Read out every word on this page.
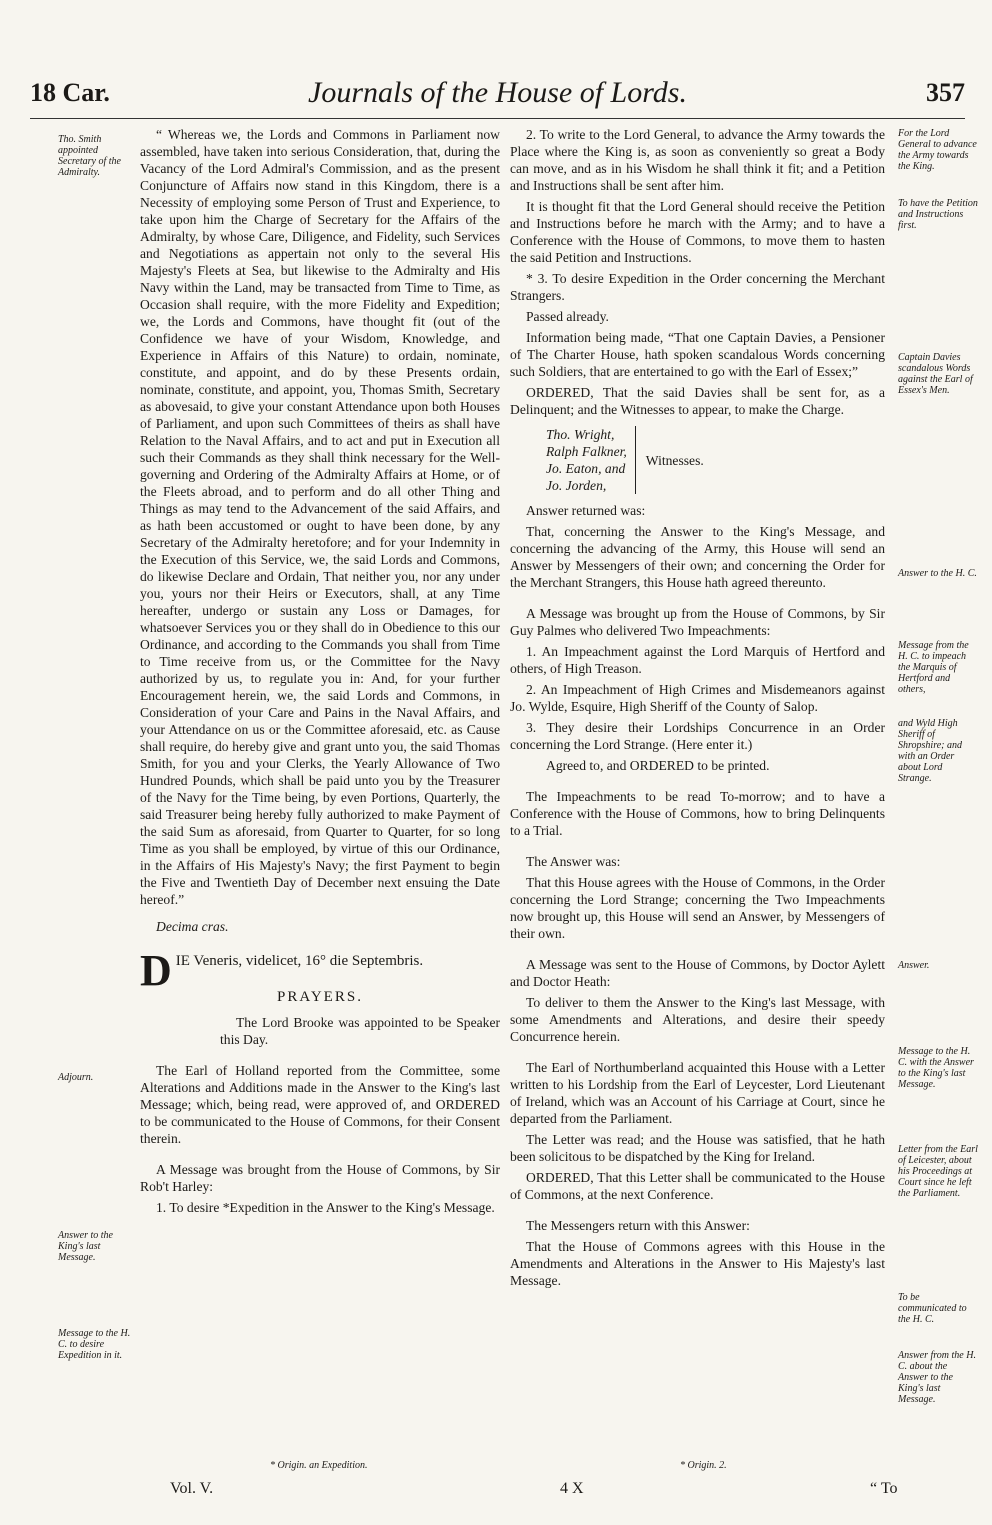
18 Car.	Journals of the House of Lords.	357
Tho. Smith appointed Secretary of the Admiralty.
Adjourn.
Answer to the King's last Message.
Message to the H. C. to desire Expedition in it.

“ Whereas we, the Lords and Commons in Parliament now assembled, have taken into serious Consideration, that, during the Vacancy of the Lord Admiral's Commission, and as the present Conjuncture of Affairs now stand in this Kingdom, there is a Necessity of employing some Person of Trust and Experience, to take upon him the Charge of Secretary for the Affairs of the Admiralty, by whose Care, Diligence, and Fidelity, such Services and Negotiations as appertain not only to the several His Majesty's Fleets at Sea, but likewise to the Admiralty and His Navy within the Land, may be transacted from Time to Time, as Occasion shall require, with the more Fidelity and Expedition; we, the Lords and Commons, have thought fit (out of the Confidence we have of your Wisdom, Knowledge, and Experience in Affairs of this Nature) to ordain, nominate, constitute, and appoint, and do by these Presents ordain, nominate, constitute, and appoint, you, Thomas Smith, Secretary as abovesaid, to give your constant Attendance upon both Houses of Parliament, and upon such Committees of theirs as shall have Relation to the Naval Affairs, and to act and put in Execution all such their Commands as they shall think necessary for the Well-governing and Ordering of the Admiralty Affairs at Home, or of the Fleets abroad, and to perform and do all other Thing and Things as may tend to the Advancement of the said Affairs, and as hath been accustomed or ought to have been done, by any Secretary of the Admiralty heretofore; and for your Indemnity in the Execution of this Service, we, the said Lords and Commons, do likewise Declare and Ordain, That neither you, nor any under you, yours nor their Heirs or Executors, shall, at any Time hereafter, undergo or sustain any Loss or Damages, for whatsoever Services you or they shall do in Obedience to this our Ordinance, and according to the Commands you shall from Time to Time receive from us, or the Committee for the Navy authorized by us, to regulate you in: And, for your further Encouragement herein, we, the said Lords and Commons, in Consideration of your Care and Pains in the Naval Affairs, and your Attendance on us or the Committee aforesaid, etc. as Cause shall require, do hereby give and grant unto you, the said Thomas Smith, for you and your Clerks, the Yearly Allowance of Two Hundred Pounds, which shall be paid unto you by the Treasurer of the Navy for the Time being, by even Portions, Quarterly, the said Treasurer being hereby fully authorized to make Payment of the said Sum as aforesaid, from Quarter to Quarter, for so long Time as you shall be employed, by virtue of this our Ordinance, in the Affairs of His Majesty's Navy; the first Payment to begin the Five and Twentieth Day of December next ensuing the Date hereof.”

Decima cras.

D IE Veneris, videlicet, 16° die Septembris.
PRAYERS.

The Lord Brooke was appointed to be Speaker this Day.

The Earl of Holland reported from the Committee, some Alterations and Additions made in the Answer to the King's last Message; which, being read, were approved of, and ORDERED to be communicated to the House of Commons, for their Consent therein.

A Message was brought from the House of Commons, by Sir Rob't Harley:

1. To desire *Expedition in the Answer to the King's Message.

* Origin. an Expedition.
Vol. V.

2. To write to the Lord General, to advance the Army towards the Place where the King is, as soon as conveniently so great a Body can move, and as in his Wisdom he shall think it fit; and a Petition and Instructions shall be sent after him.

It is thought fit that the Lord General should receive the Petition and Instructions before he march with the Army; and to have a Conference with the House of Commons, to move them to hasten the said Petition and Instructions.

* 3. To desire Expedition in the Order concerning the Merchant Strangers.

Passed already.

Information being made, “That one Captain Davies, a Pensioner of The Charter House, hath spoken scandalous Words concerning such Soldiers, that are entertained to go with the Earl of Essex;”

ORDERED, That the said Davies shall be sent for, as a Delinquent; and the Witnesses to appear, to make the Charge.

Tho. Wright,
Ralph Falkner,
Jo. Eaton, and
Jo. Jorden,
Witnesses.

Answer returned was:

That, concerning the Answer to the King's Message, and concerning the advancing of the Army, this House will send an Answer by Messengers of their own; and concerning the Order for the Merchant Strangers, this House hath agreed thereunto.

A Message was brought up from the House of Commons, by Sir Guy Palmes who delivered Two Impeachments:

1. An Impeachment against the Lord Marquis of Hertford and others, of High Treason.

2. An Impeachment of High Crimes and Misdemeanors against Jo. Wylde, Esquire, High Sheriff of the County of Salop.

3. They desire their Lordships Concurrence in an Order concerning the Lord Strange. (Here enter it.)

Agreed to, and ORDERED to be printed.

The Impeachments to be read To-morrow; and to have a Conference with the House of Commons, how to bring Delinquents to a Trial.

The Answer was:

That this House agrees with the House of Commons, in the Order concerning the Lord Strange; concerning the Two Impeachments now brought up, this House will send an Answer, by Messengers of their own.

A Message was sent to the House of Commons, by Doctor Aylett and Doctor Heath:

To deliver to them the Answer to the King's last Message, with some Amendments and Alterations, and desire their speedy Concurrence herein.

The Earl of Northumberland acquainted this House with a Letter written to his Lordship from the Earl of Leycester, Lord Lieutenant of Ireland, which was an Account of his Carriage at Court, since he departed from the Parliament.

The Letter was read; and the House was satisfied, that he hath been solicitous to be dispatched by the King for Ireland.

ORDERED, That this Letter shall be communicated to the House of Commons, at the next Conference.

The Messengers return with this Answer:

That the House of Commons agrees with this House in the Amendments and Alterations in the Answer to His Majesty's last Message.

For the Lord General to advance the Army towards the King.
To have the Petition and Instructions first.
Captain Davies scandalous Words against the Earl of Essex's Men.
Answer to the H. C.
Message from the H. C. to impeach the Marquis of Hertford and others,
and Wyld High Sheriff of Shropshire; and with an Order about Lord Strange.
Answer.
Message to the H. C. with the Answer to the King's last Message.
Letter from the Earl of Leicester, about his Proceedings at Court since he left the Parliament.
To be communicated to the H. C.
Answer from the H. C. about the Answer to the King's last Message.
* Origin. 2.
4 X	“ To
